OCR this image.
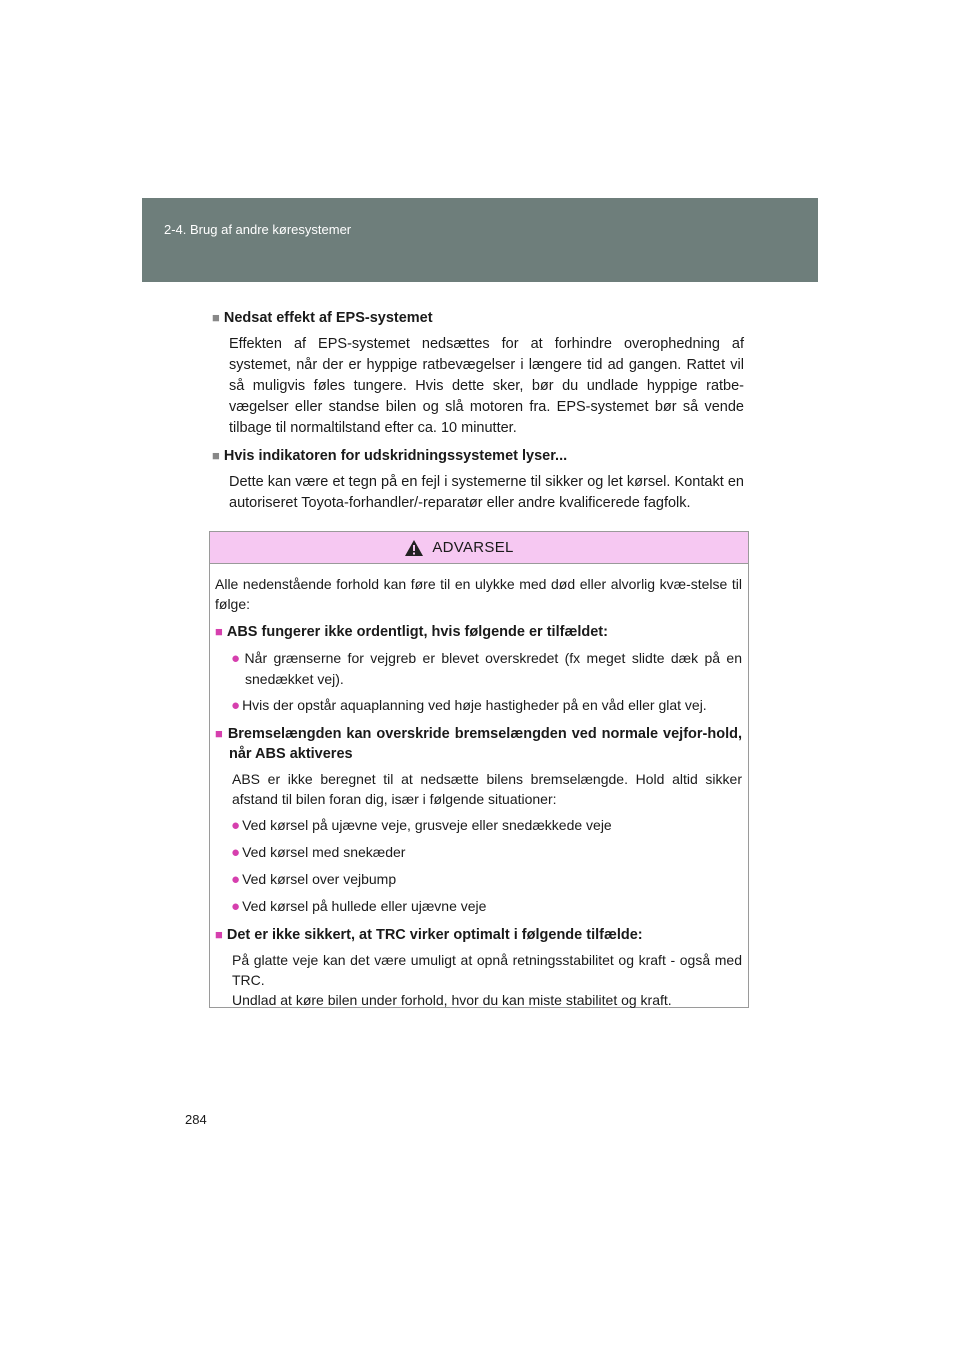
2-4. Brug af andre køresystemer

■ Nedsat effekt af EPS-systemet

Effekten af EPS-systemet nedsættes for at forhindre overophedning af systemet, når der er hyppige ratbevægelser i længere tid ad gangen. Rattet vil så muligvis føles tungere. Hvis dette sker, bør du undlade hyppige ratbe-vægelser eller standse bilen og slå motoren fra. EPS-systemet bør så vende tilbage til normaltilstand efter ca. 10 minutter.

■ Hvis indikatoren for udskridningssystemet lyser...

Dette kan være et tegn på en fejl i systemerne til sikker og let kørsel. Kontakt en autoriseret Toyota-forhandler/-reparatør eller andre kvalificerede fagfolk.

ADVARSEL

Alle nedenstående forhold kan føre til en ulykke med død eller alvorlig kvæ-stelse til følge:

■ ABS fungerer ikke ordentligt, hvis følgende er tilfældet:

● Når grænserne for vejgreb er blevet overskredet (fx meget slidte dæk på en snedækket vej).

● Hvis der opstår aquaplanning ved høje hastigheder på en våd eller glat vej.

■ Bremselængden kan overskride bremselængden ved normale vejfor-hold, når ABS aktiveres

ABS er ikke beregnet til at nedsætte bilens bremselængde. Hold altid sikker afstand til bilen foran dig, især i følgende situationer:

● Ved kørsel på ujævne veje, grusveje eller snedækkede veje

● Ved kørsel med snekæder

● Ved kørsel over vejbump

● Ved kørsel på hullede eller ujævne veje

■ Det er ikke sikkert, at TRC virker optimalt i følgende tilfælde:

På glatte veje kan det være umuligt at opnå retningsstabilitet og kraft - også med TRC.
Undlad at køre bilen under forhold, hvor du kan miste stabilitet og kraft.

284
